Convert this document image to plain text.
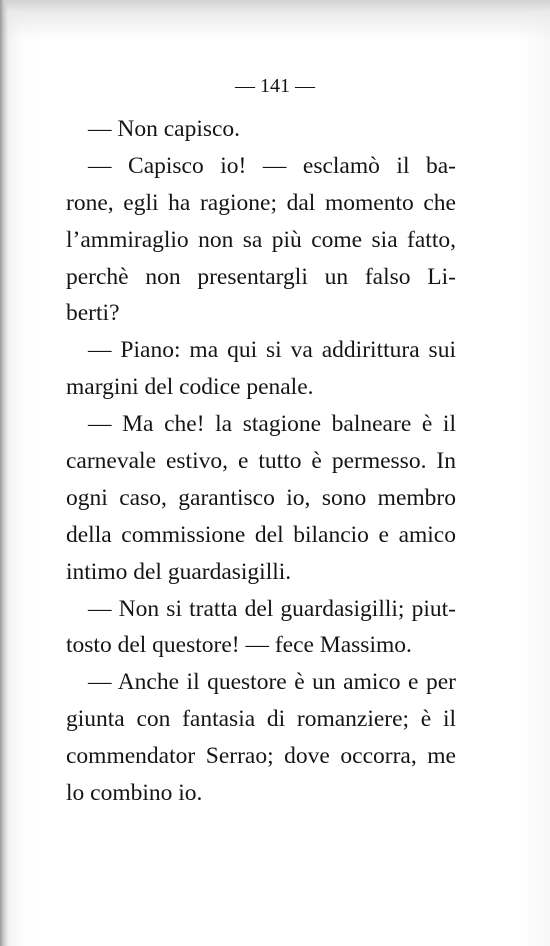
— 141 —
— Non capisco.
— Capisco io! — esclamò il ba-
rone, egli ha ragione; dal momento che
l’ammiraglio non sa più come sia fatto,
perchè non presentargli un falso Li-
berti?
— Piano: ma qui si va addirittura sui
margini del codice penale.
— Ma che! la stagione balneare è il
carnevale estivo, e tutto è permesso. In
ogni caso, garantisco io, sono membro
della commissione del bilancio e amico
intimo del guardasigilli.
— Non si tratta del guardasigilli; piut-
tosto del questore! — fece Massimo.
— Anche il questore è un amico e per
giunta con fantasia di romanziere; è il
commendator Serrao; dove occorra, me
lo combino io.
